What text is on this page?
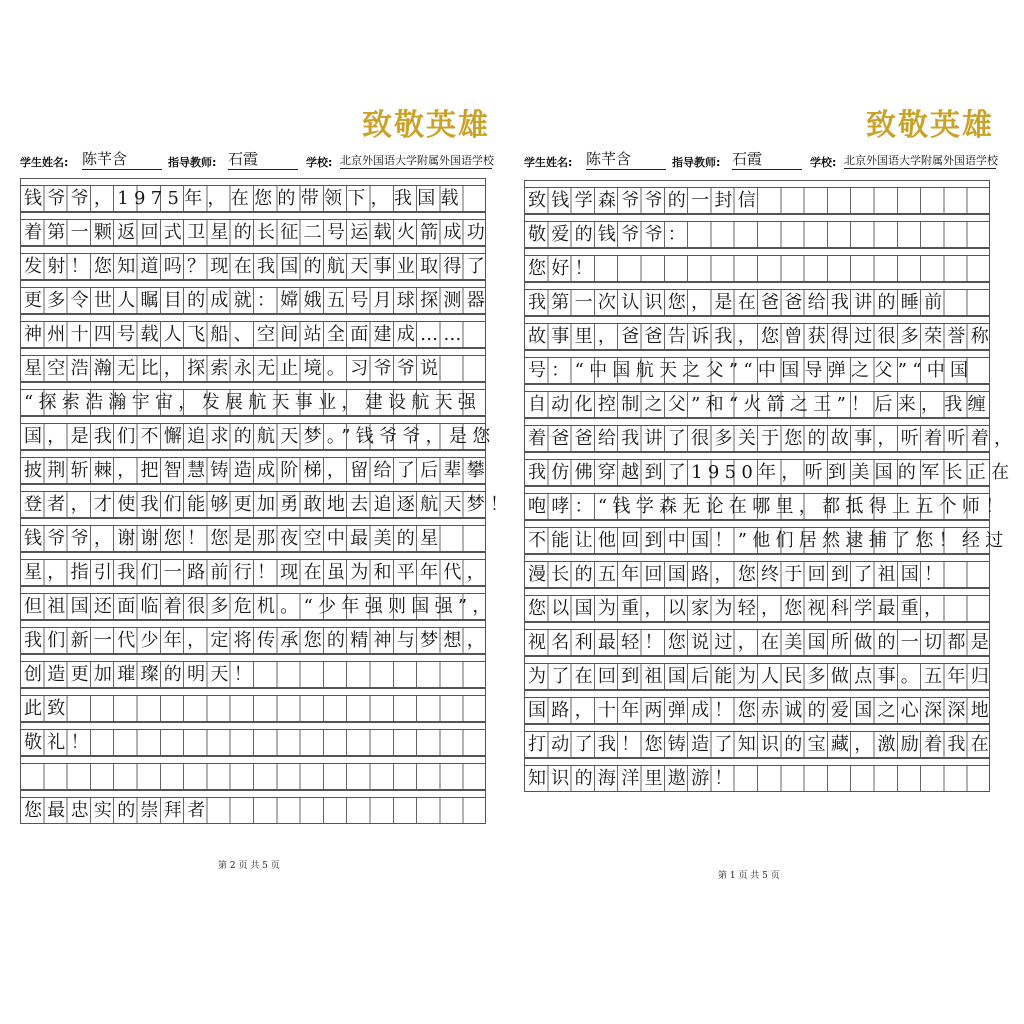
致敬英雄
学生姓名: 陈芊含	指导教师: 石霞	学校: 北京外国语大学附属外国语学校
钱爷爷，1975年，在您的带领下，我国载
着第一颗返回式卫星的长征二号运载火箭成功
发射！您知道吗？现在我国的航天事业取得了
更多令世人瞩目的成就：嫦娥五号月球探测器
神州十四号载人飞船、空间站全面建成……
星空浩瀚无比，探索永无止境。习爷爷说
“探索浩瀚宇宙，发展航天事业，建设航天强
国，是我们不懈追求的航天梦。”钱爷爷，是您
披荆斩棘，把智慧铸造成阶梯，留给了后辈攀
登者，才使我们能够更加勇敢地去追逐航天梦！
钱爷爷，谢谢您！您是那夜空中最美的星
星，指引我们一路前行！现在虽为和平年代，
但祖国还面临着很多危机。“少年强则国强”，
我们新一代少年，定将传承您的精神与梦想，
创造更加璀璨的明天！
此致
敬礼！
您最忠实的崇拜者
第 2 页 共 5 页
致敬英雄
学生姓名: 陈芊含	指导教师: 石霞	学校: 北京外国语大学附属外国语学校
致钱学森爷爷的一封信
敬爱的钱爷爷：
您好！
我第一次认识您，是在爸爸给我讲的睡前
故事里，爸爸告诉我，您曾获得过很多荣誉称
号：“中国航天之父”“中国导弹之父”“中国
自动化控制之父”和“火箭之王”！后来，我缠
着爸爸给我讲了很多关于您的故事，听着听着，
我仿佛穿越到了1950年，听到美国的军长正在
咆哮：“钱学森无论在哪里，都抵得上五个师！
不能让他回到中国！”他们居然逮捕了您！经过
漫长的五年回国路，您终于回到了祖国！
您以国为重，以家为轻，您视科学最重，
视名利最轻！您说过，在美国所做的一切都是
为了在回到祖国后能为人民多做点事。五年归
国路，十年两弹成！您赤诚的爱国之心深深地
打动了我！您铸造了知识的宝藏，激励着我在
知识的海洋里遨游！
第 1 页 共 5 页
